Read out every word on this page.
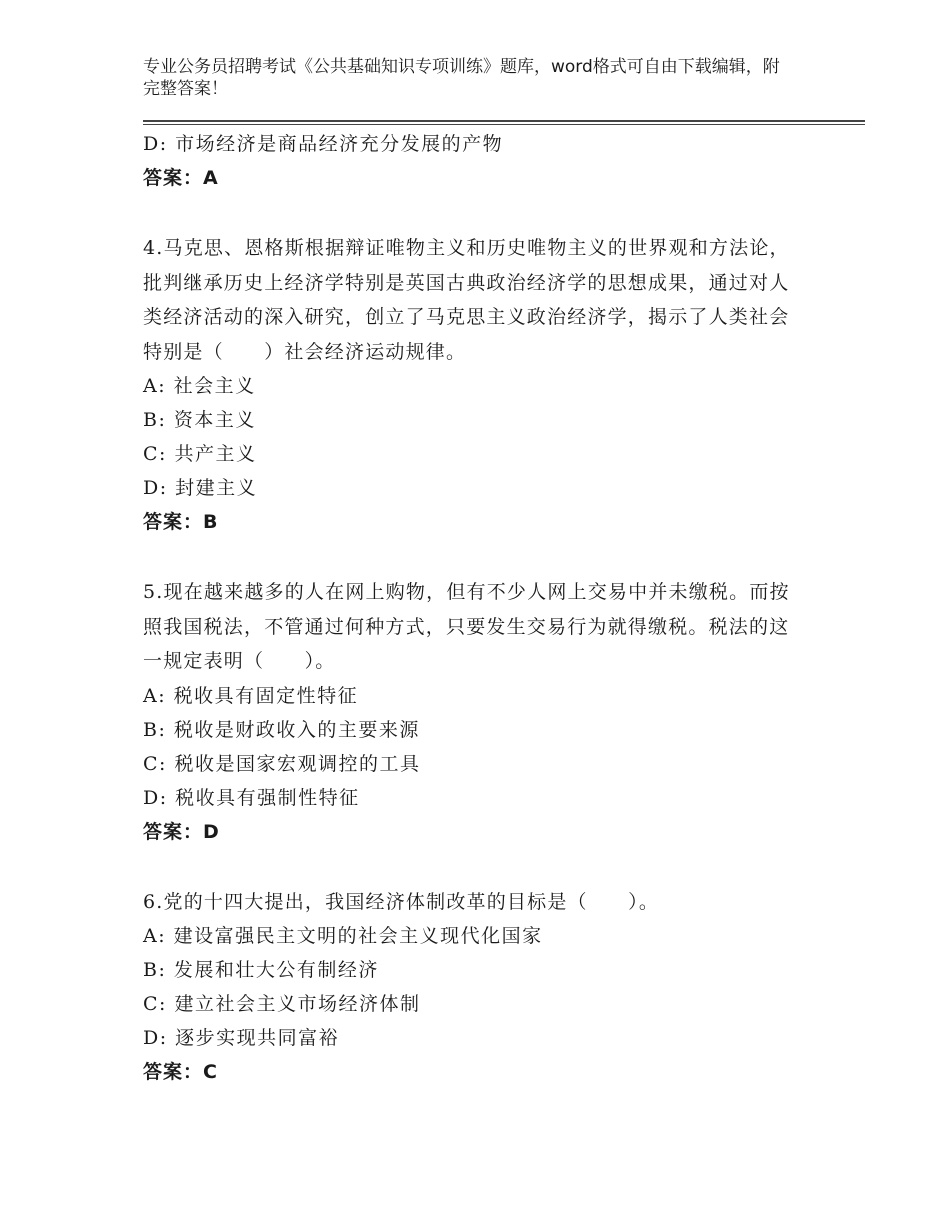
专业公务员招聘考试《公共基础知识专项训练》题库，word格式可自由下载编辑，附完整答案！
D: 市场经济是商品经济充分发展的产物
答案：A
4.马克思、恩格斯根据辩证唯物主义和历史唯物主义的世界观和方法论，批判继承历史上经济学特别是英国古典政治经济学的思想成果，通过对人类经济活动的深入研究，创立了马克思主义政治经济学，揭示了人类社会特别是（　　）社会经济运动规律。
A: 社会主义
B: 资本主义
C: 共产主义
D: 封建主义
答案：B
5.现在越来越多的人在网上购物，但有不少人网上交易中并未缴税。而按照我国税法，不管通过何种方式，只要发生交易行为就得缴税。税法的这一规定表明（　　）。
A: 税收具有固定性特征
B: 税收是财政收入的主要来源
C: 税收是国家宏观调控的工具
D: 税收具有强制性特征
答案：D
6.党的十四大提出，我国经济体制改革的目标是（　　）。
A: 建设富强民主文明的社会主义现代化国家
B: 发展和壮大公有制经济
C: 建立社会主义市场经济体制
D: 逐步实现共同富裕
答案：C
